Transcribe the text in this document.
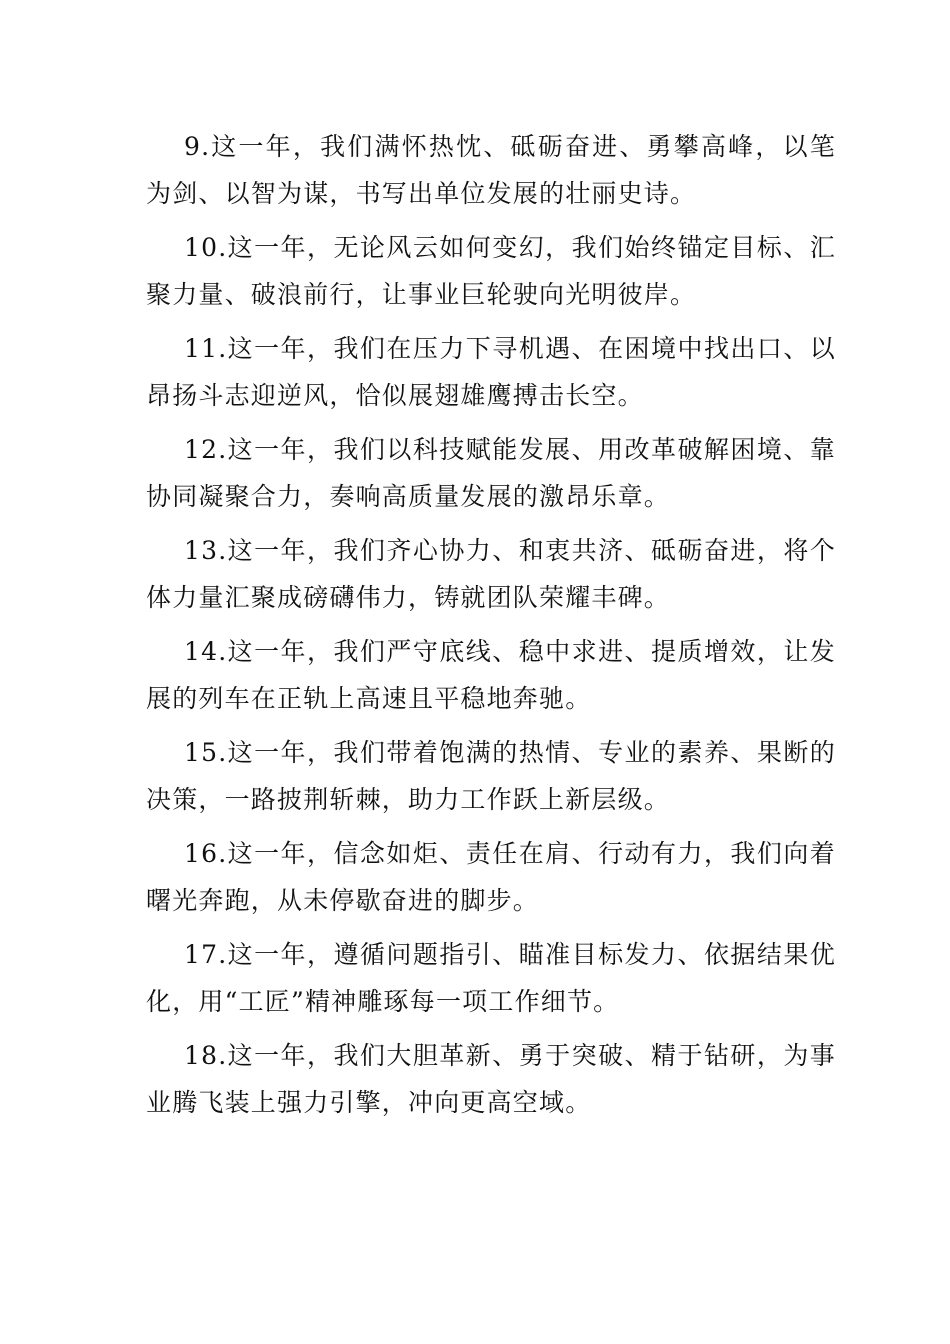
9.这一年，我们满怀热忱、砥砺奋进、勇攀高峰，以笔为剑、以智为谋，书写出单位发展的壮丽史诗。

10.这一年，无论风云如何变幻，我们始终锚定目标、汇聚力量、破浪前行，让事业巨轮驶向光明彼岸。

11.这一年，我们在压力下寻机遇、在困境中找出口、以昂扬斗志迎逆风，恰似展翅雄鹰搏击长空。

12.这一年，我们以科技赋能发展、用改革破解困境、靠协同凝聚合力，奏响高质量发展的激昂乐章。

13.这一年，我们齐心协力、和衷共济、砥砺奋进，将个体力量汇聚成磅礴伟力，铸就团队荣耀丰碑。

14.这一年，我们严守底线、稳中求进、提质增效，让发展的列车在正轨上高速且平稳地奔驰。

15.这一年，我们带着饱满的热情、专业的素养、果断的决策，一路披荆斩棘，助力工作跃上新层级。

16.这一年，信念如炬、责任在肩、行动有力，我们向着曙光奔跑，从未停歇奋进的脚步。

17.这一年，遵循问题指引、瞄准目标发力、依据结果优化，用“工匠”精神雕琢每一项工作细节。

18.这一年，我们大胆革新、勇于突破、精于钻研，为事业腾飞装上强力引擎，冲向更高空域。
